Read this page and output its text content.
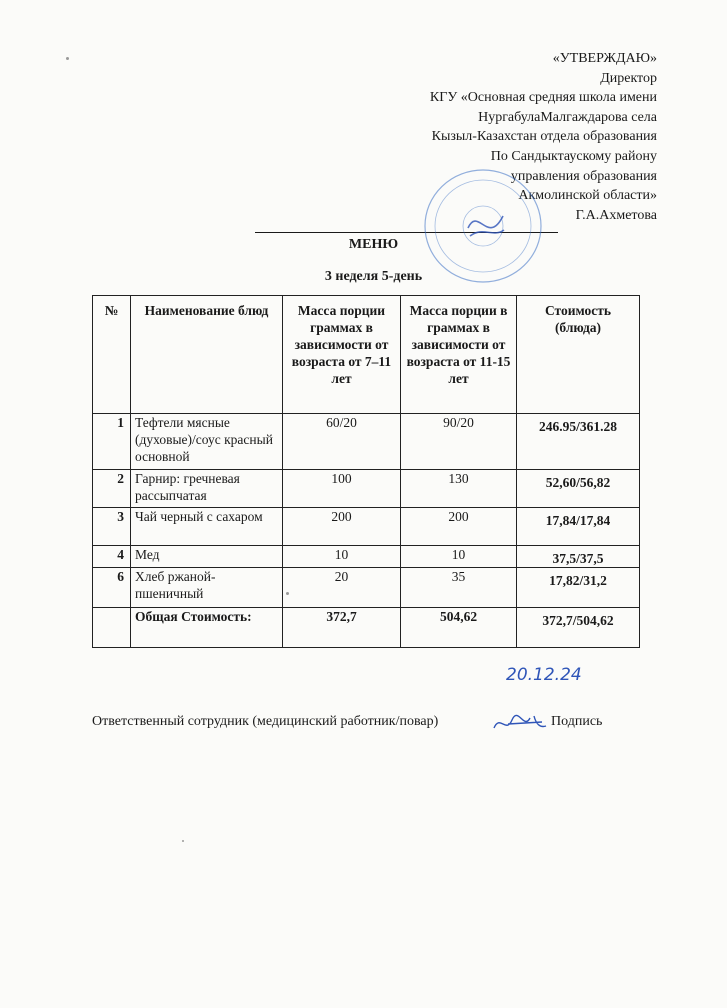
«УТВЕРЖДАЮ»
Директор
КГУ «Основная средняя школа имени
НургабулаМалгаждарова села
Кызыл-Казахстан отдела образования
По Сандыктаускому району
управления образования
Акмолинской области»
Г.А.Ахметова
МЕНЮ
3 неделя 5-день
№	Наименование блюд	Масса порции граммах в зависимости от возраста от 7–11 лет	Масса порции в граммах в зависимости от возраста от 11-15 лет	Стоимость (блюда)
1	Тефтели мясные (духовые)/соус красный основной	60/20	90/20	246.95/361.28
2	Гарнир: гречневая рассыпчатая	100	130	52,60/56,82
3	Чай черный с сахаром	200	200	17,84/17,84
4	Мед	10	10	37,5/37,5
6	Хлеб ржаной-пшеничный	20	35	17,82/31,2
	Общая Стоимость:	372,7	504,62	372,7/504,62
20.12.24
Ответственный сотрудник (медицинский работник/повар)	Подпись
